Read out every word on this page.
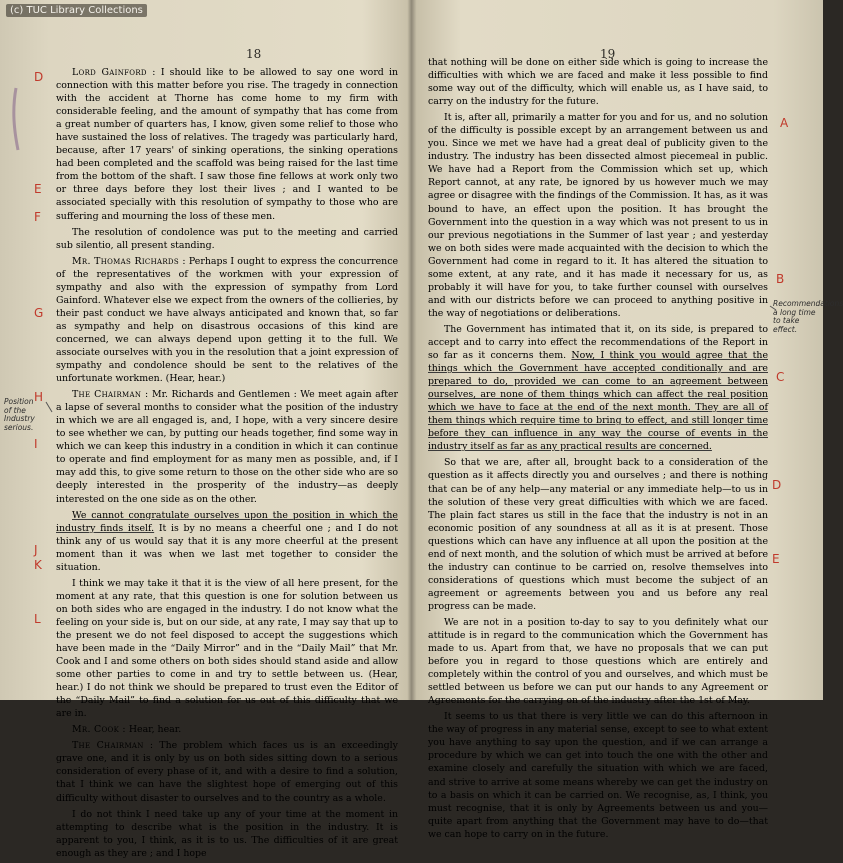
(c) TUC Library Collections
18

Lord Gainford : I should like to be allowed to say one word in connection with this matter before you rise. The tragedy in connection with the accident at Thorne has come home to my firm with considerable feeling, and the amount of sympathy that has come from a great number of quarters has, I know, given some relief to those who have sustained the loss of relatives. The tragedy was particularly hard, because, after 17 years' of sinking operations, the sinking operations had been completed and the scaffold was being raised for the last time from the bottom of the shaft. I saw those fine fellows at work only two or three days before they lost their lives ; and I wanted to be associated specially with this resolution of sympathy to those who are suffering and mourning the loss of these men.

The resolution of condolence was put to the meeting and carried sub silentio, all present standing.

Mr. Thomas Richards : Perhaps I ought to express the concurrence of the representatives of the workmen with your expression of sympathy and also with the expression of sympathy from Lord Gainford. Whatever else we expect from the owners of the collieries, by their past conduct we have always anticipated and known that, so far as sympathy and help on disastrous occasions of this kind are concerned, we can always depend upon getting it to the full. We associate ourselves with you in the resolution that a joint expression of sympathy and condolence should be sent to the relatives of the unfortunate workmen. (Hear, hear.)

The Chairman : Mr. Richards and Gentlemen : We meet again after a lapse of several months to consider what the position of the industry in which we are all engaged is, and, I hope, with a very sincere desire to see whether we can, by putting our heads together, find some way in which we can keep this industry in a condition in which it can continue to operate and find employment for as many men as possible, and, if I may add this, to give some return to those on the other side who are so deeply interested in the prosperity of the industry—as deeply interested on the one side as on the other.

We cannot congratulate ourselves upon the position in which the industry finds itself. It is by no means a cheerful one ; and I do not think any of us would say that it is any more cheerful at the present moment than it was when we last met together to consider the situation.

I think we may take it that it is the view of all here present, for the moment at any rate, that this question is one for solution between us on both sides who are engaged in the industry. I do not know what the feeling on your side is, but on our side, at any rate, I may say that up to the present we do not feel disposed to accept the suggestions which have been made in the “Daily Mirror” and in the “Daily Mail” that Mr. Cook and I and some others on both sides should stand aside and allow some other parties to come in and try to settle between us. (Hear, hear.) I do not think we should be prepared to trust even the Editor of the “Daily Mail” to find a solution for us out of this difficulty that we are in.

Mr. Cook : Hear, hear.

The Chairman : The problem which faces us is an exceedingly grave one, and it is only by us on both sides sitting down to a serious consideration of every phase of it, and with a desire to find a solution, that I think we can have the slightest hope of emerging out of this difficulty without disaster to ourselves and to the country as a whole.

I do not think I need take up any of your time at the moment in attempting to describe what is the position in the industry. It is apparent to you, I think, as it is to us. The difficulties of it are great enough as they are ; and I hope

D
E
F
G
H
I
J
K
L
Position of the Industry serious.
19

that nothing will be done on either side which is going to increase the difficulties with which we are faced and make it less possible to find some way out of the difficulty, which will enable us, as I have said, to carry on the industry for the future.

It is, after all, primarily a matter for you and for us, and no solution of the difficulty is possible except by an arrangement between us and you. Since we met we have had a great deal of publicity given to the industry. The industry has been dissected almost piecemeal in public. We have had a Report from the Commission which set up, which Report cannot, at any rate, be ignored by us however much we may agree or disagree with the findings of the Commission. It has, as it was bound to have, an effect upon the position. It has brought the Government into the question in a way which was not present to us in our previous negotiations in the Summer of last year ; and yesterday we on both sides were made acquainted with the decision to which the Government had come in regard to it. It has altered the situation to some extent, at any rate, and it has made it necessary for us, as probably it will have for you, to take further counsel with ourselves and with our districts before we can proceed to anything positive in the way of negotiations or deliberations.

The Government has intimated that it, on its side, is prepared to accept and to carry into effect the recommendations of the Report in so far as it concerns them. Now, I think you would agree that the things which the Government have accepted conditionally and are prepared to do, provided we can come to an agreement between ourselves, are none of them things which can affect the real position which we have to face at the end of the next month. They are all of them things which require time to bring to effect, and still longer time before they can influence in any way the course of events in the industry itself as far as any practical results are concerned.

So that we are, after all, brought back to a consideration of the question as it affects directly you and ourselves ; and there is nothing that can be of any help—any material or any immediate help—to us in the solution of these very great difficulties with which we are faced. The plain fact stares us still in the face that the industry is not in an economic position of any soundness at all as it is at present. Those questions which can have any influence at all upon the position at the end of next month, and the solution of which must be arrived at before the industry can continue to be carried on, resolve themselves into considerations of questions which must become the subject of an agreement or agreements between you and us before any real progress can be made.

We are not in a position to-day to say to you definitely what our attitude is in regard to the communication which the Government has made to us. Apart from that, we have no proposals that we can put before you in regard to those questions which are entirely and completely within the control of you and ourselves, and which must be settled between us before we can put our hands to any Agreement or Agreements for the carrying on of the industry after the 1st of May.

It seems to us that there is very little we can do this afternoon in the way of progress in any material sense, except to see to what extent you have anything to say upon the question, and if we can arrange a procedure by which we can get into touch the one with the other and examine closely and carefully the situation with which we are faced, and strive to arrive at some means whereby we can get the industry on to a basis on which it can be carried on. We recognise, as, I think, you must recognise, that it is only by Agreements between us and you—quite apart from anything that the Government may have to do—that we can hope to carry on in the future.

A
B
C
D
E
Recommendations a long time to take effect.
